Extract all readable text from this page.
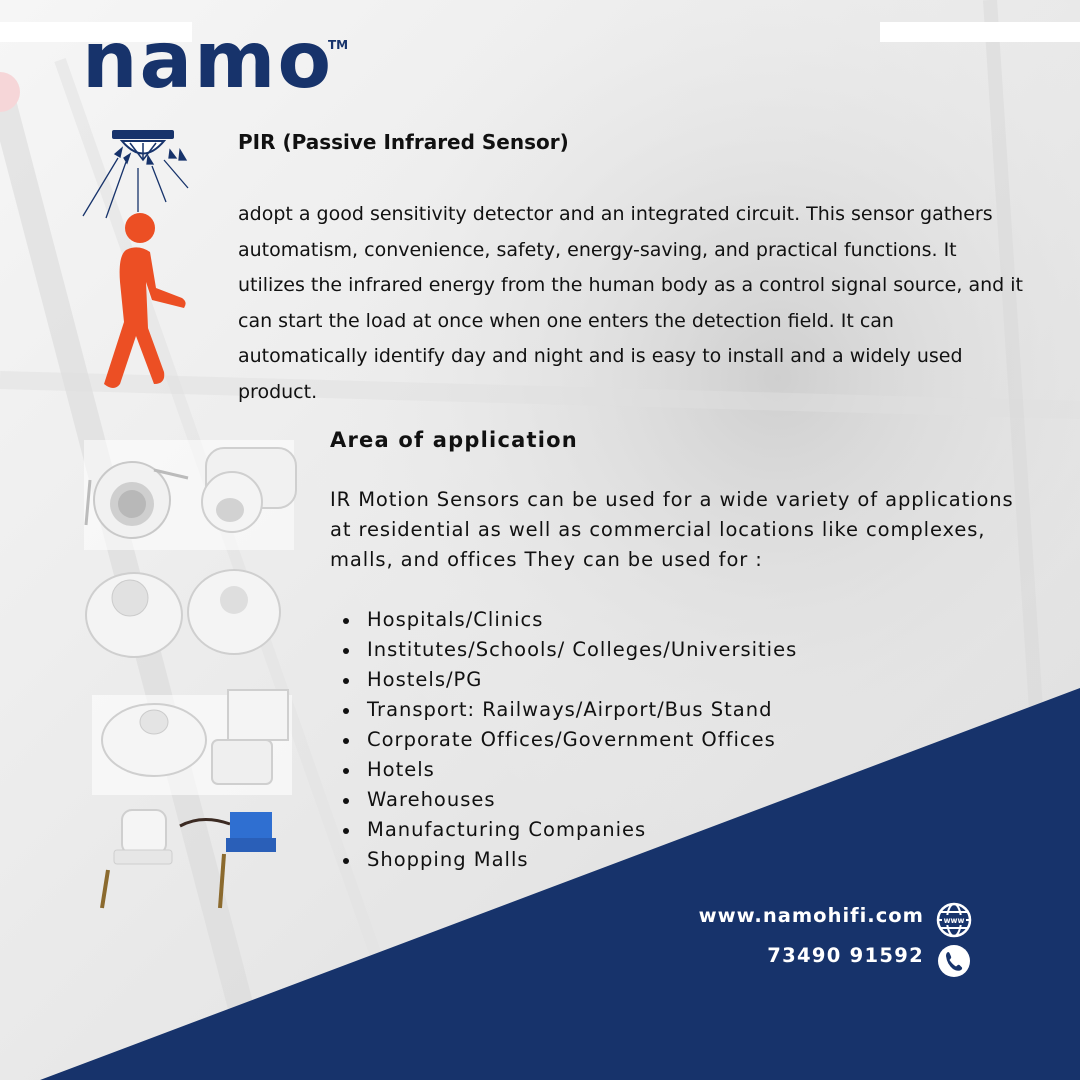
namo
TM
PIR (Passive Infrared Sensor)

adopt a good sensitivity detector and an integrated circuit. This sensor gathers automatism, convenience, safety, energy-saving, and practical functions. It utilizes the infrared energy from the human body as a control signal source, and it can start the load at once when one enters the detection field. It can automatically identify day and night and is easy to install and a widely used product.

Area of application

IR Motion Sensors can be used for a wide variety of applications at residential as well as commercial locations like complexes, malls, and offices They can be used for :

Hospitals/Clinics
Institutes/Schools/ Colleges/Universities
Hostels/PG
Transport: Railways/Airport/Bus Stand
Corporate Offices/Government Offices
Hotels
Warehouses
Manufacturing Companies
Shopping Malls
www.namohifi.com	www
73490 91592
